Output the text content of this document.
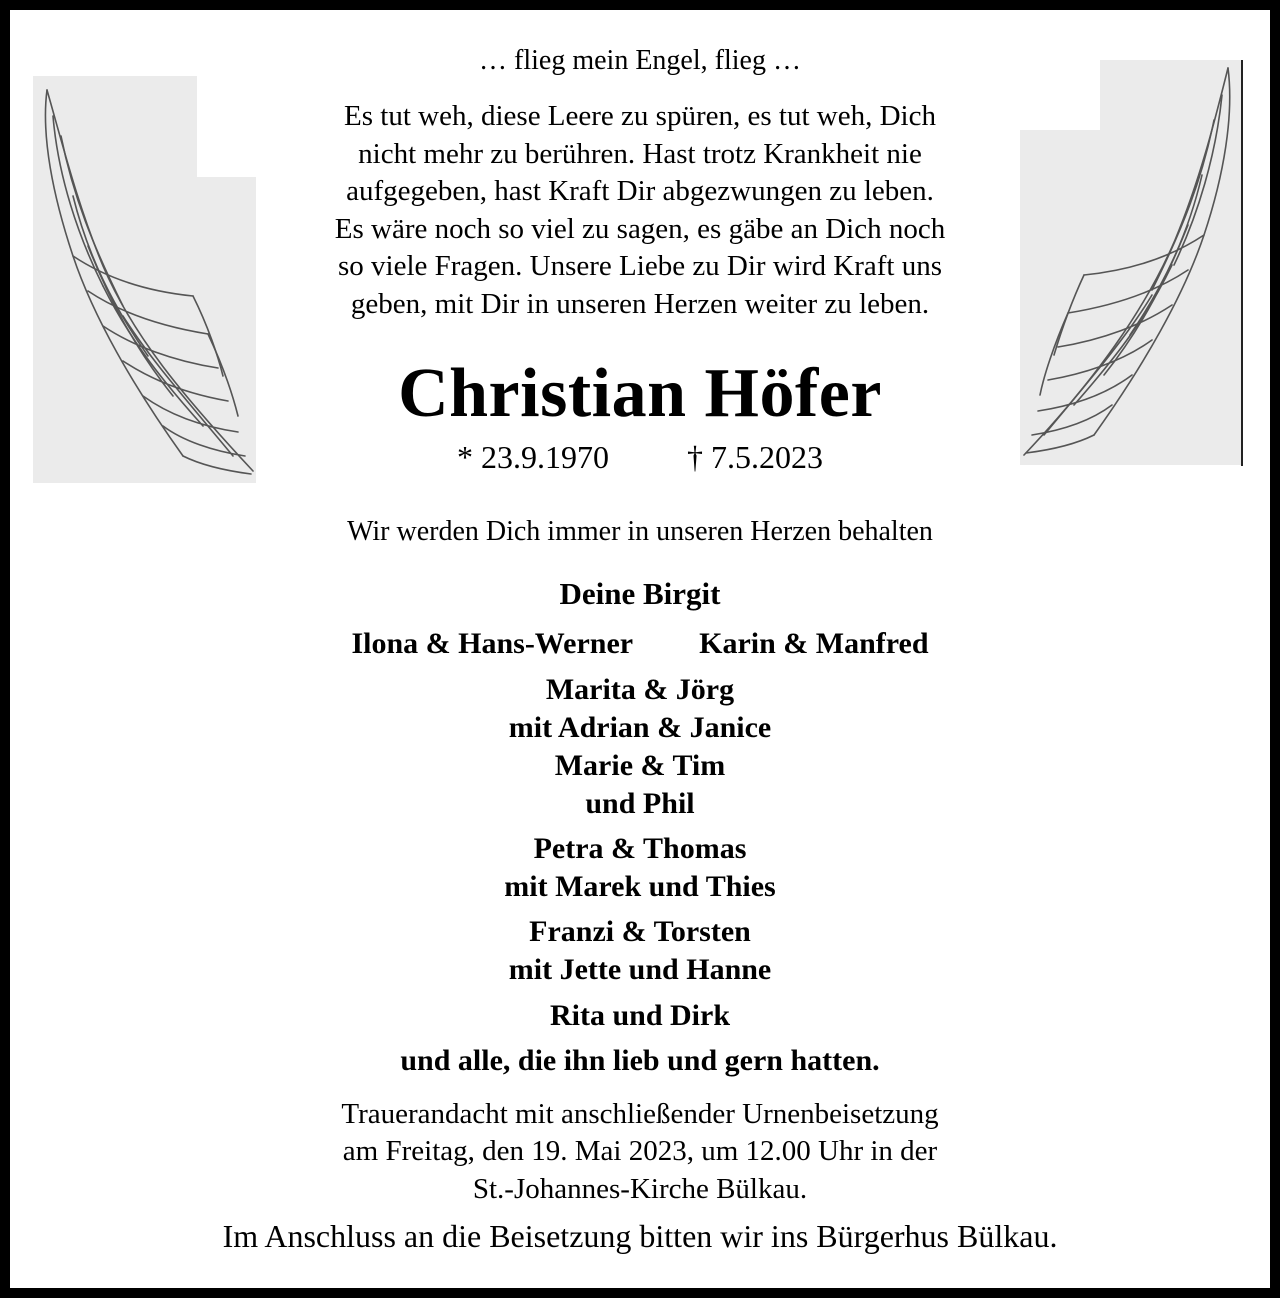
… flieg mein Engel, flieg …
Es tut weh, diese Leere zu spüren, es tut weh, Dich
nicht mehr zu berühren. Hast trotz Krankheit nie
aufgegeben, hast Kraft Dir abgezwungen zu leben.
Es wäre noch so viel zu sagen, es gäbe an Dich noch
so viele Fragen. Unsere Liebe zu Dir wird Kraft uns
geben, mit Dir in unseren Herzen weiter zu leben.
Christian Höfer
* 23.9.1970 † 7.5.2023
Wir werden Dich immer in unseren Herzen behalten
Deine Birgit
Ilona & Hans-Werner Karin & Manfred
Marita & Jörg
mit Adrian & Janice
Marie & Tim
und Phil
Petra & Thomas
mit Marek und Thies
Franzi & Torsten
mit Jette und Hanne
Rita und Dirk
und alle, die ihn lieb und gern hatten.
Trauerandacht mit anschließender Urnenbeisetzung
am Freitag, den 19. Mai 2023, um 12.00 Uhr in der
St.-Johannes-Kirche Bülkau.
Im Anschluss an die Beisetzung bitten wir ins Bürgerhus Bülkau.
